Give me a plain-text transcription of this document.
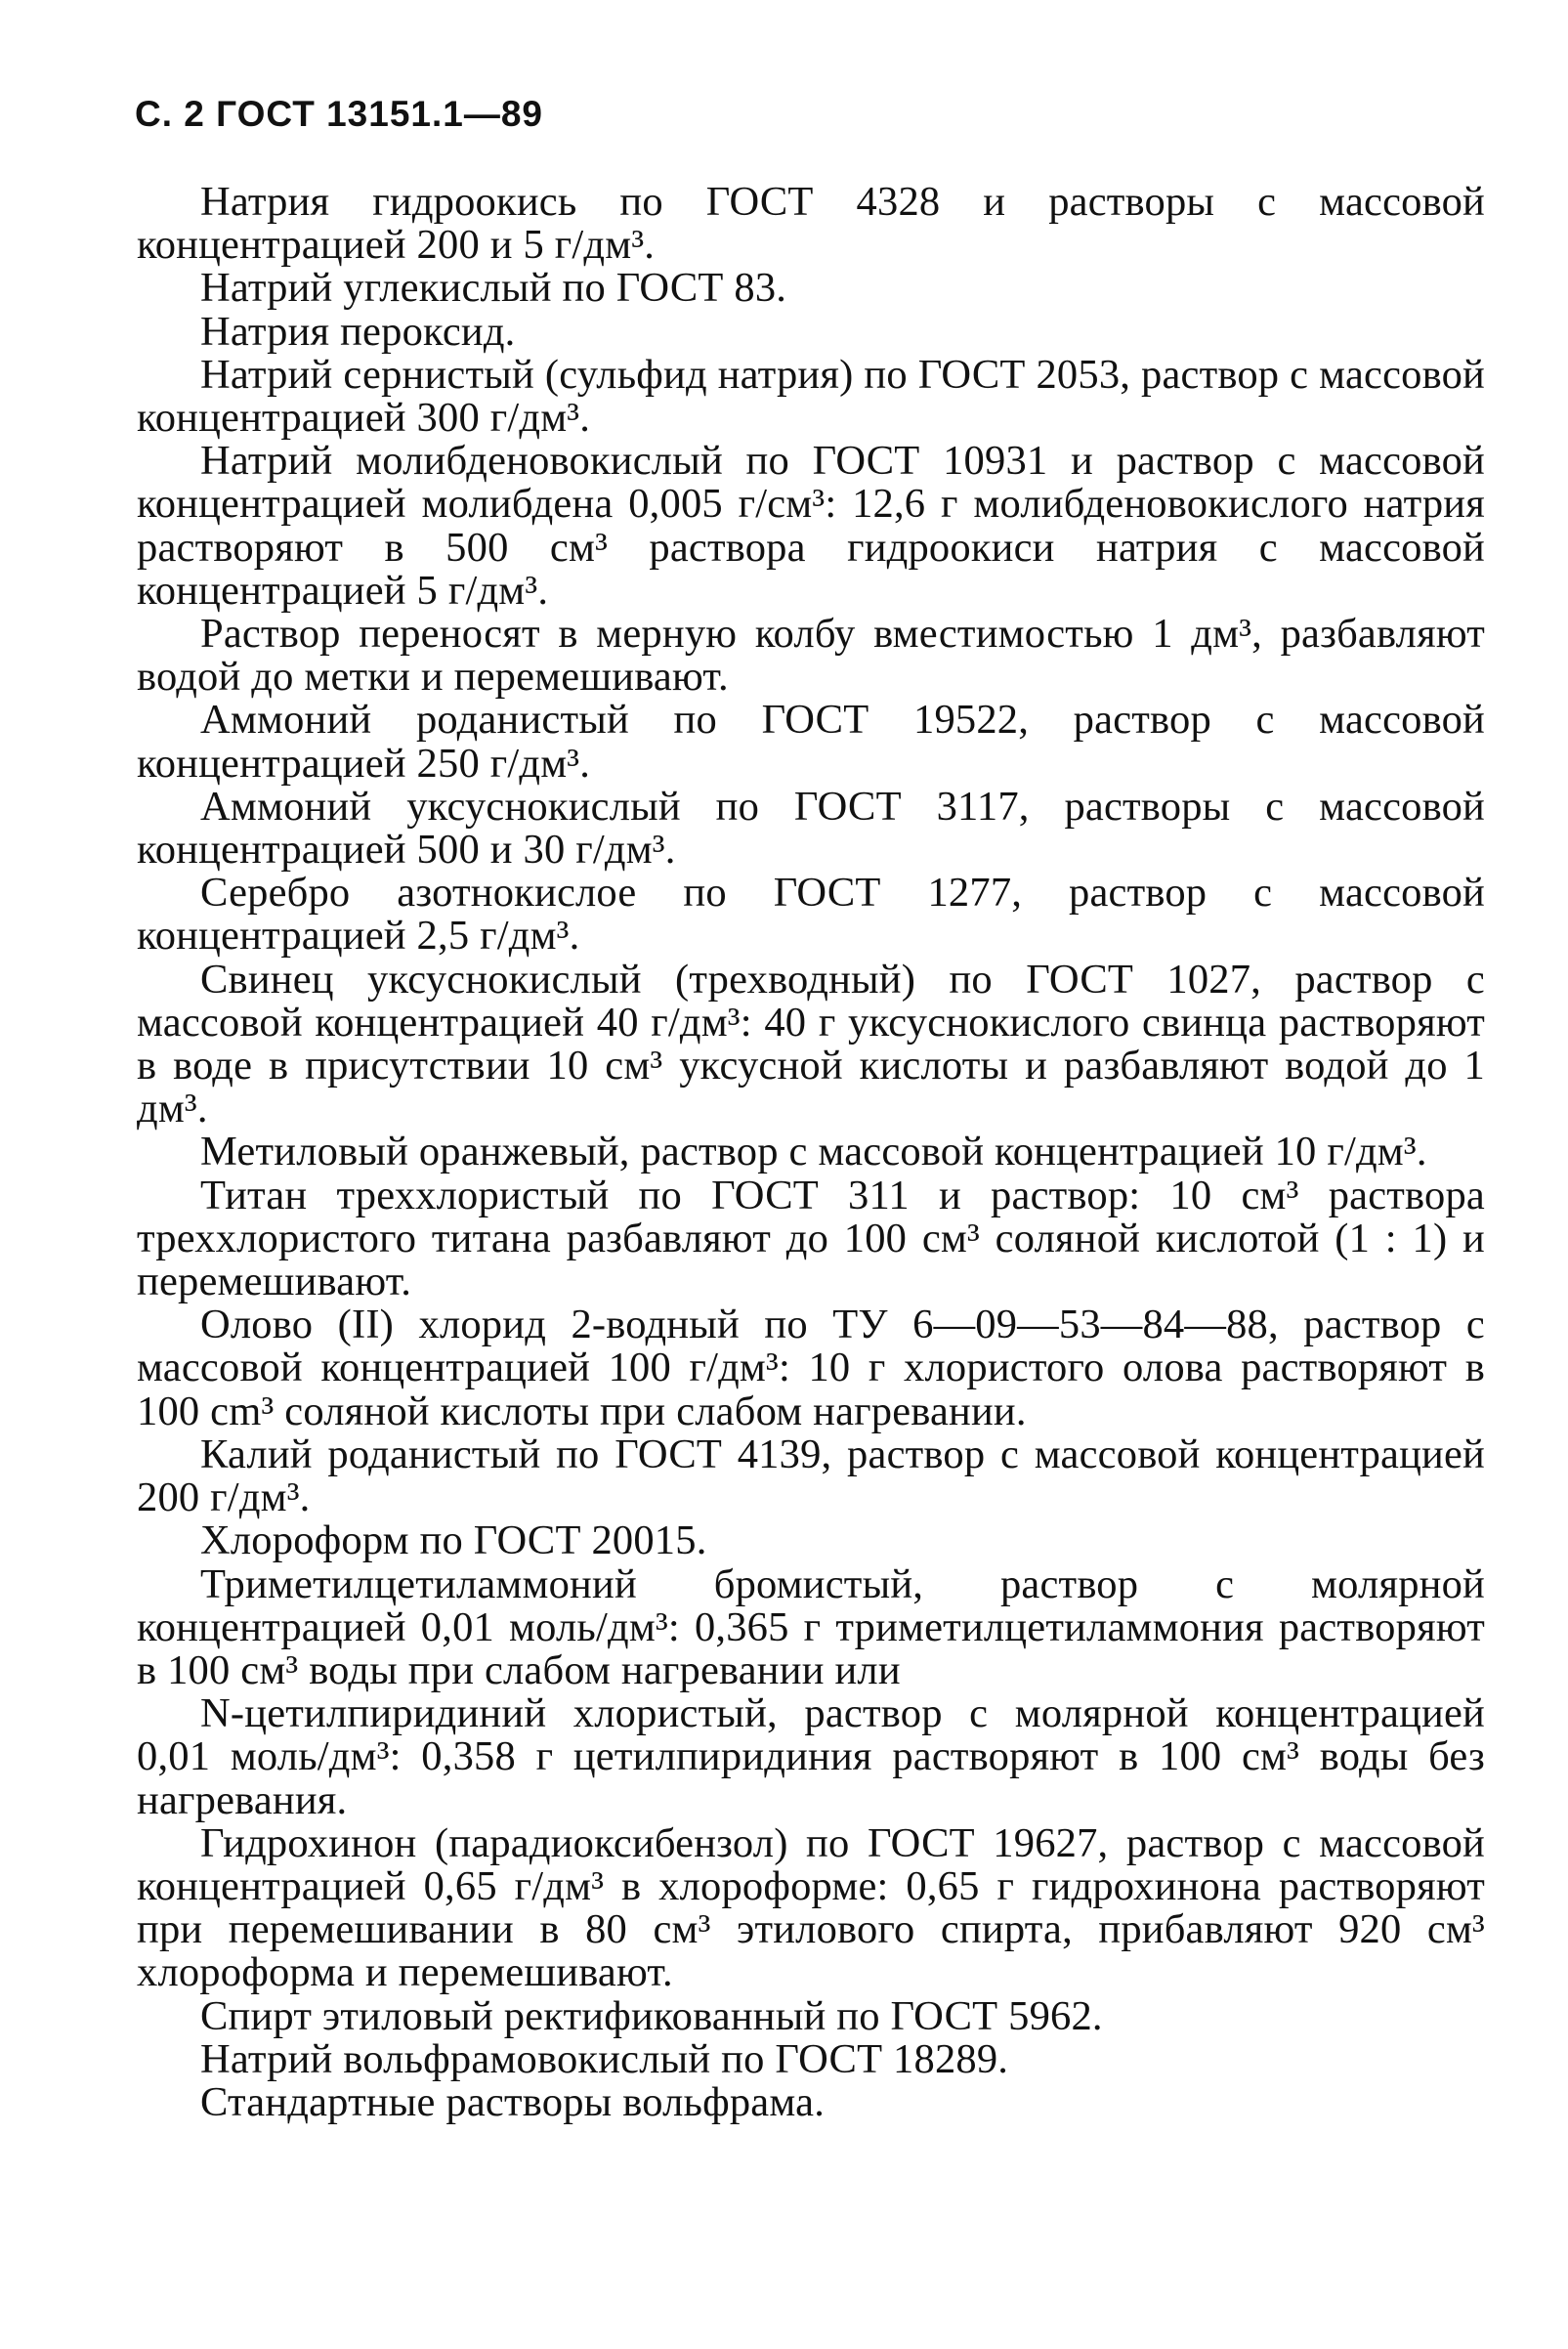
С. 2 ГОСТ 13151.1—89

Натрия гидроокись по ГОСТ 4328 и растворы с массовой концентрацией 200 и 5 г/дм³.

Натрий углекислый по ГОСТ 83.

Натрия пероксид.

Натрий сернистый (сульфид натрия) по ГОСТ 2053, раствор с массовой концентрацией 300 г/дм³.

Натрий молибденовокислый по ГОСТ 10931 и раствор с массовой концентрацией молибдена 0,005 г/см³: 12,6 г молибденовокислого натрия растворяют в 500 см³ раствора гидроокиси натрия с массовой концентрацией 5 г/дм³.

Раствор переносят в мерную колбу вместимостью 1 дм³, разбавляют водой до метки и перемешивают.

Аммоний роданистый по ГОСТ 19522, раствор с массовой концентрацией 250 г/дм³.

Аммоний уксуснокислый по ГОСТ 3117, растворы с массовой концентрацией 500 и 30 г/дм³.

Серебро азотнокислое по ГОСТ 1277, раствор с массовой концентрацией 2,5 г/дм³.

Свинец уксуснокислый (трехводный) по ГОСТ 1027, раствор с массовой концентрацией 40 г/дм³: 40 г уксуснокислого свинца растворяют в воде в присутствии 10 см³ уксусной кислоты и разбавляют водой до 1 дм³.

Метиловый оранжевый, раствор с массовой концентрацией 10 г/дм³.

Титан треххлористый по ГОСТ 311 и раствор: 10 см³ раствора треххлористого титана разбавляют до 100 см³ соляной кислотой (1 : 1) и перемешивают.

Олово (II) хлорид 2-водный по ТУ 6—09—53—84—88, раствор с массовой концентрацией 100 г/дм³: 10 г хлористого олова растворяют в 100 cm³ соляной кислоты при слабом нагревании.

Калий роданистый по ГОСТ 4139, раствор с массовой концентрацией 200 г/дм³.

Хлороформ по ГОСТ 20015.

Триметилцетиламмоний бромистый, раствор с молярной концентрацией 0,01 моль/дм³: 0,365 г триметилцетиламмония растворяют в 100 см³ воды при слабом нагревании или

N-цетилпиридиний хлористый, раствор с молярной концентрацией 0,01 моль/дм³: 0,358 г цетилпиридиния растворяют в 100 см³ воды без нагревания.

Гидрохинон (парадиоксибензол) по ГОСТ 19627, раствор с массовой концентрацией 0,65 г/дм³ в хлороформе: 0,65 г гидрохинона растворяют при перемешивании в 80 см³ этилового спирта, прибавляют 920 см³ хлороформа и перемешивают.

Спирт этиловый ректификованный по ГОСТ 5962.

Натрий вольфрамовокислый по ГОСТ 18289.

Стандартные растворы вольфрама.
